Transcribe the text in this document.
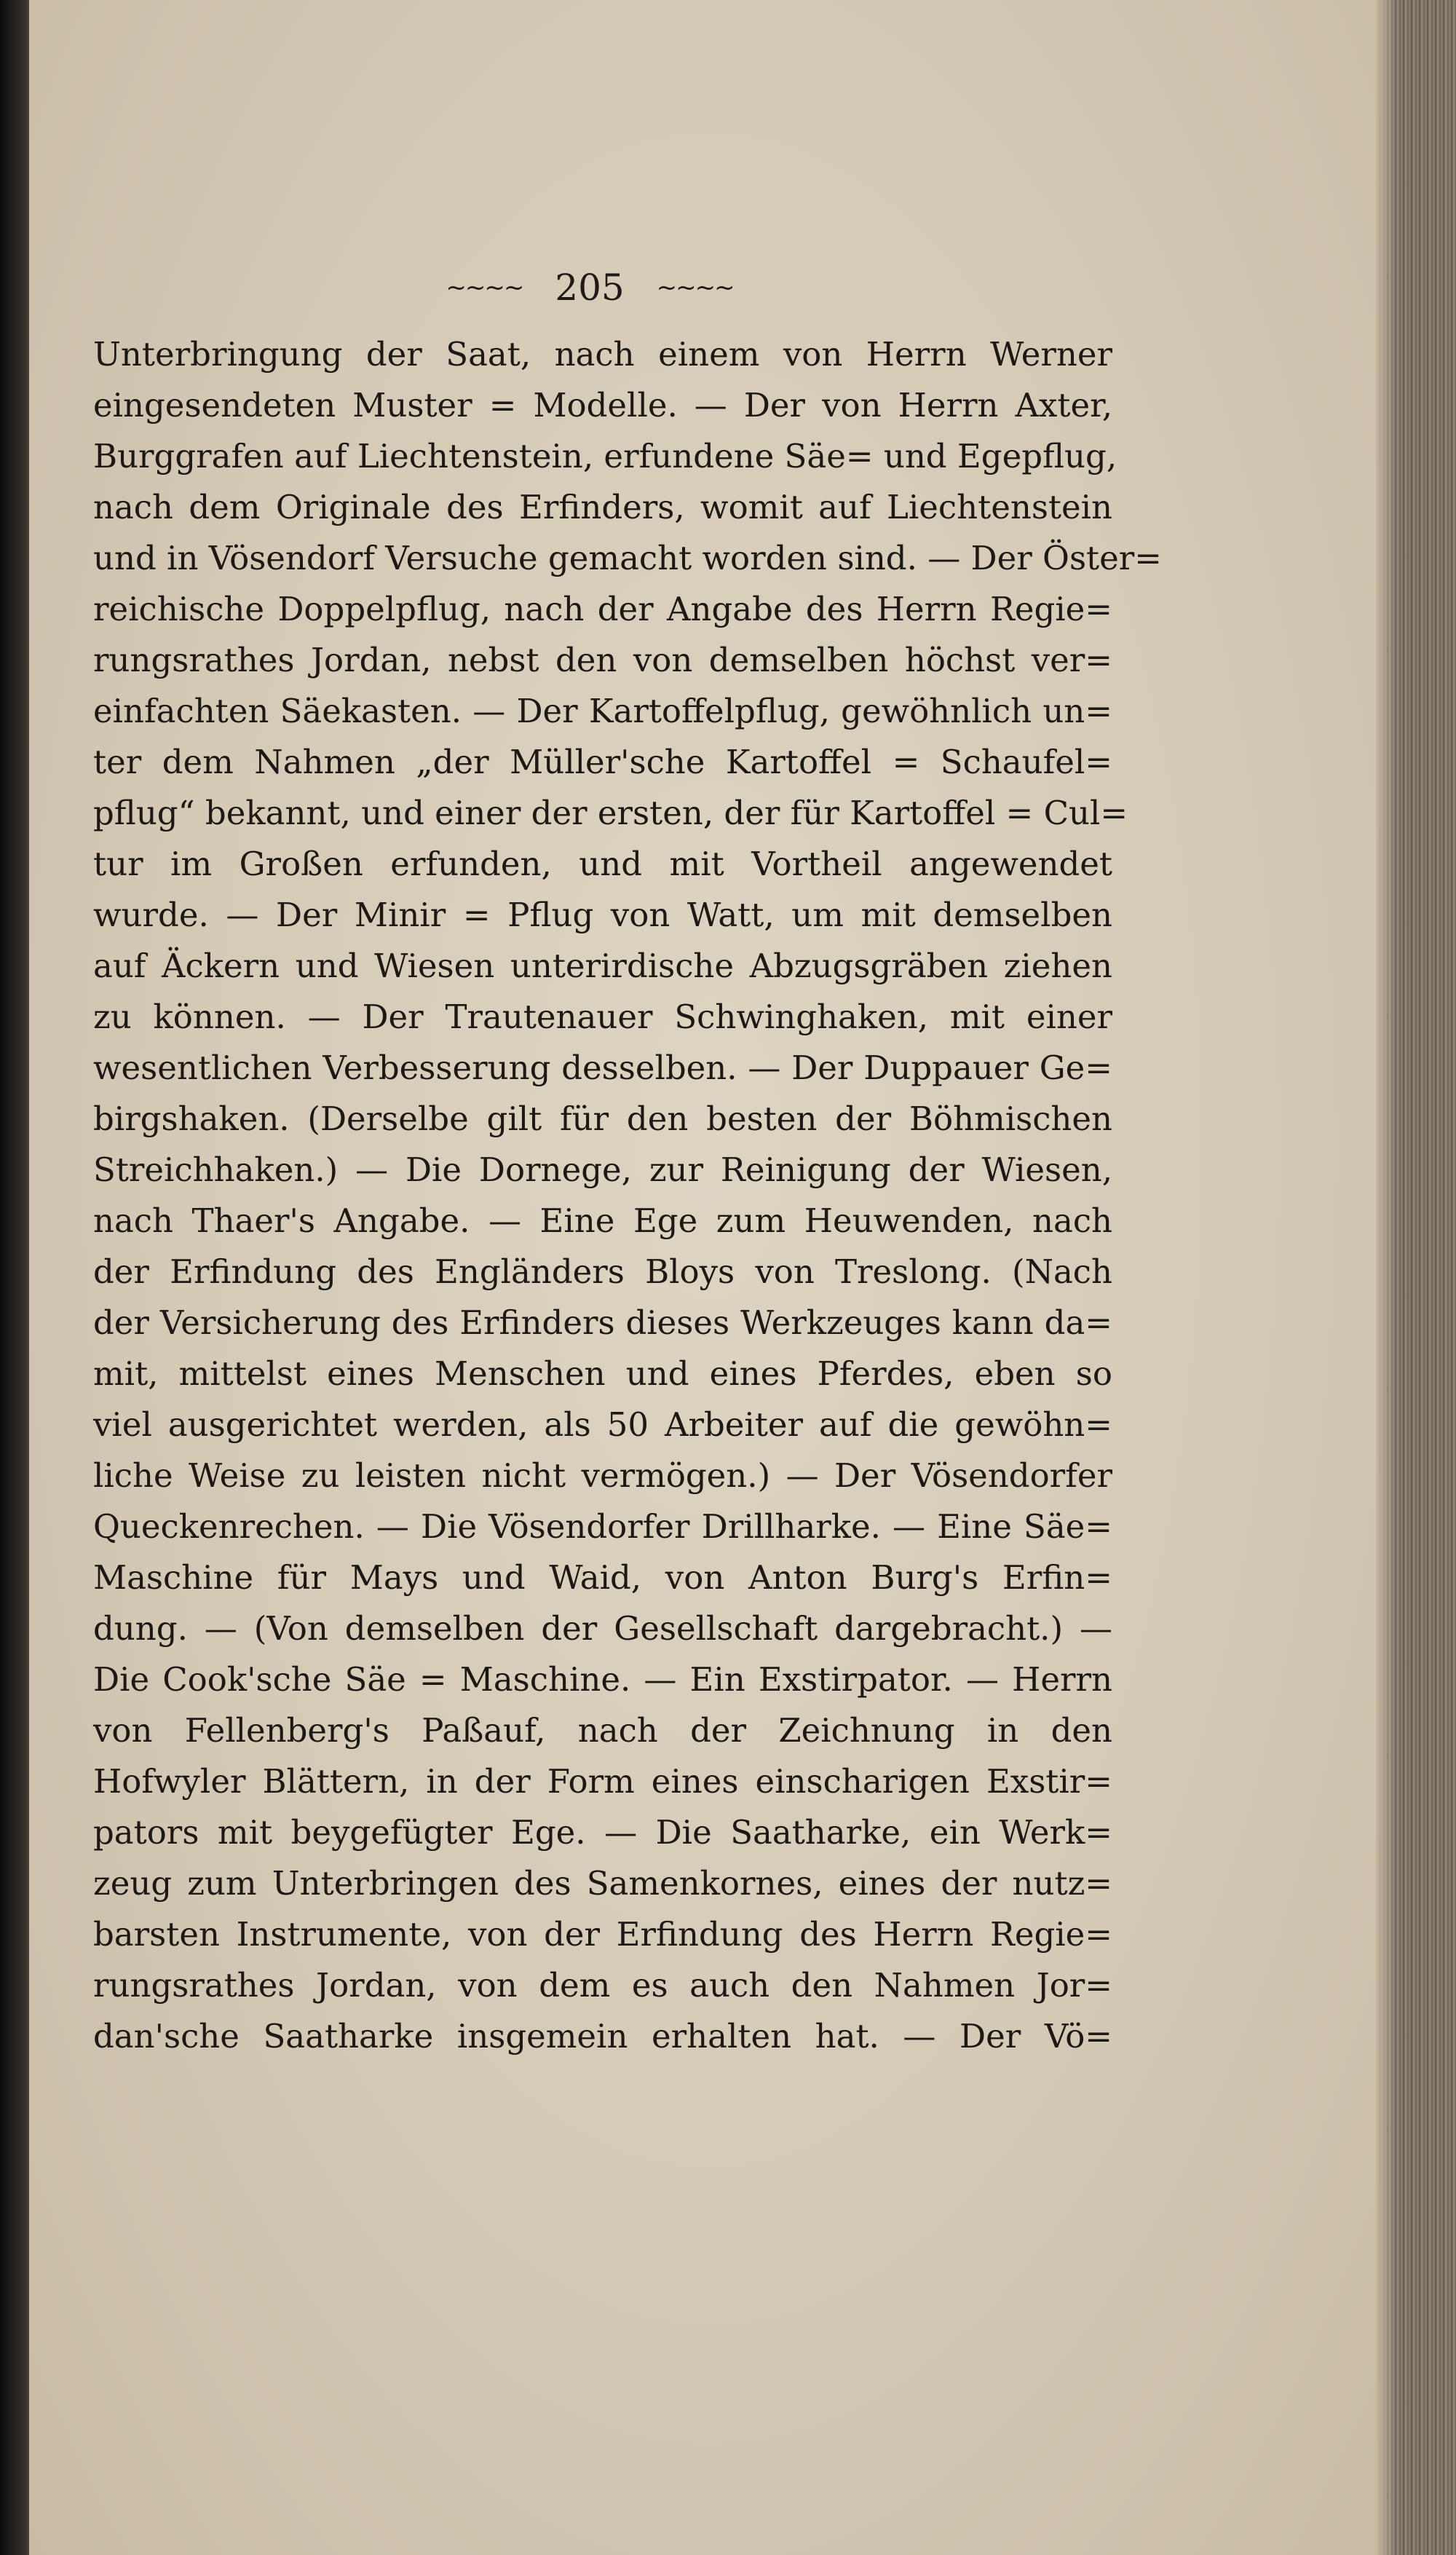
~~~~ 205 ~~~~
Unterbringung der Saat, nach einem von Herrn Werner
eingesendeten Muster = Modelle. — Der von Herrn Axter,
Burggrafen auf Liechtenstein, erfundene Säe= und Egepflug,
nach dem Originale des Erfinders, womit auf Liechtenstein
und in Vösendorf Versuche gemacht worden sind. — Der Öster=
reichische Doppelpflug, nach der Angabe des Herrn Regie=
rungsrathes Jordan, nebst den von demselben höchst ver=
einfachten Säekasten. — Der Kartoffelpflug, gewöhnlich un=
ter dem Nahmen „der Müller'sche Kartoffel = Schaufel=
pflug“ bekannt, und einer der ersten, der für Kartoffel = Cul=
tur im Großen erfunden, und mit Vortheil angewendet
wurde. — Der Minir = Pflug von Watt, um mit demselben
auf Äckern und Wiesen unterirdische Abzugsgräben ziehen
zu können. — Der Trautenauer Schwinghaken, mit einer
wesentlichen Verbesserung desselben. — Der Duppauer Ge=
birgshaken. (Derselbe gilt für den besten der Böhmischen
Streichhaken.) — Die Dornege, zur Reinigung der Wiesen,
nach Thaer's Angabe. — Eine Ege zum Heuwenden, nach
der Erfindung des Engländers Bloys von Treslong. (Nach
der Versicherung des Erfinders dieses Werkzeuges kann da=
mit, mittelst eines Menschen und eines Pferdes, eben so
viel ausgerichtet werden, als 50 Arbeiter auf die gewöhn=
liche Weise zu leisten nicht vermögen.) — Der Vösendorfer
Queckenrechen. — Die Vösendorfer Drillharke. — Eine Säe=
Maschine für Mays und Waid, von Anton Burg's Erfin=
dung. — (Von demselben der Gesellschaft dargebracht.) —
Die Cook'sche Säe = Maschine. — Ein Exstirpator. — Herrn
von Fellenberg's Paßauf, nach der Zeichnung in den
Hofwyler Blättern, in der Form eines einscharigen Exstir=
pators mit beygefügter Ege. — Die Saatharke, ein Werk=
zeug zum Unterbringen des Samenkornes, eines der nutz=
barsten Instrumente, von der Erfindung des Herrn Regie=
rungsrathes Jordan, von dem es auch den Nahmen Jor=
dan'sche Saatharke insgemein erhalten hat. — Der Vö=
